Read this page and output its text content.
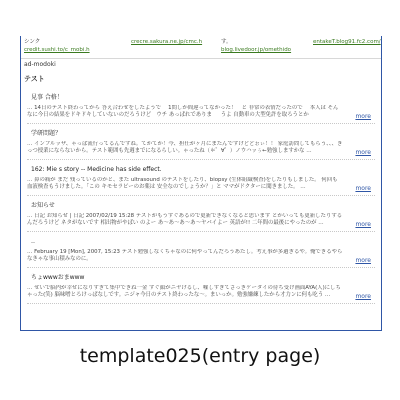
シンク
credit.sushi.to/c_mobi.h
crecre.sakura.ne.jp/cmc.h	す。
blog.livedoor.jp/omethido
entakeT.blog91.fc2.com/
ad-modoki
テスト
見事 合格！
… 14日のテスト終わってから 答え合わせをしたようで 　1問しか間違ってなかった！　と 非常の表情だったので　 本人は そんなに今日の結果をドキドキしていないのだろうけど　ウチ あっぱれでありま 　 うよ 自動車の大型免許を取ろうとか	more
学研問題？
… インフルッザ、ゃっぱ流行ってるんですね。てかてか！今、担任がヶ月にまたんですけどどぉぃ！！ 家庭訪問してもらう、、、きっつ授業にならないから。テスト範囲も先週までになるらしい。ゃったね（＊゜∀゜）ノウハッぅ←勉強しますかな …	more
162: Mie s story -- Medicine has side effect.
… 鼻の痛が まだ 残っているのかと、また ultrasound のテストをしたり、biopsy (生体組織検査)をしたりもしました。 何回も 血液検査もうけました。「この キモセラピーのお薬は 安全なのでしょうか？」と ママがドクターに聞きました。 …	more
お知らせ
… 日記 お知らせ | 日記 2007/02/19 15:28 テストがもうすぐあるので更新できなくなると思います とかいっても更新したりするんだろうけど ネタがないです 相出物がやばい のよー あ〜あ〜あ〜あ〜ヤバイよー 英語が!! 二年間の最後にやったのが …	more
‥
… February 19 [Mon], 2007, 15:23 テスト勉強しなくちゃなのに何やってんだろうあたし。考え事が多過ぎるや。俺できるやらなきゃな事山積みなのに。	more
ちょwwwおまwww
… せいで脳内が幸せになりすぎて集中できね一金 すぐ顔がニヤけるし、嘘しすぎてさっきケータイの待ち受け画面AYA(人)にしちゃった(笑) 脳味噌とろけっぱなしです。ニジャ今日のテスト終わったな〜。まいっか。勉強嫌練したから才力ンに何も吃う …	more
template025(entry page)
